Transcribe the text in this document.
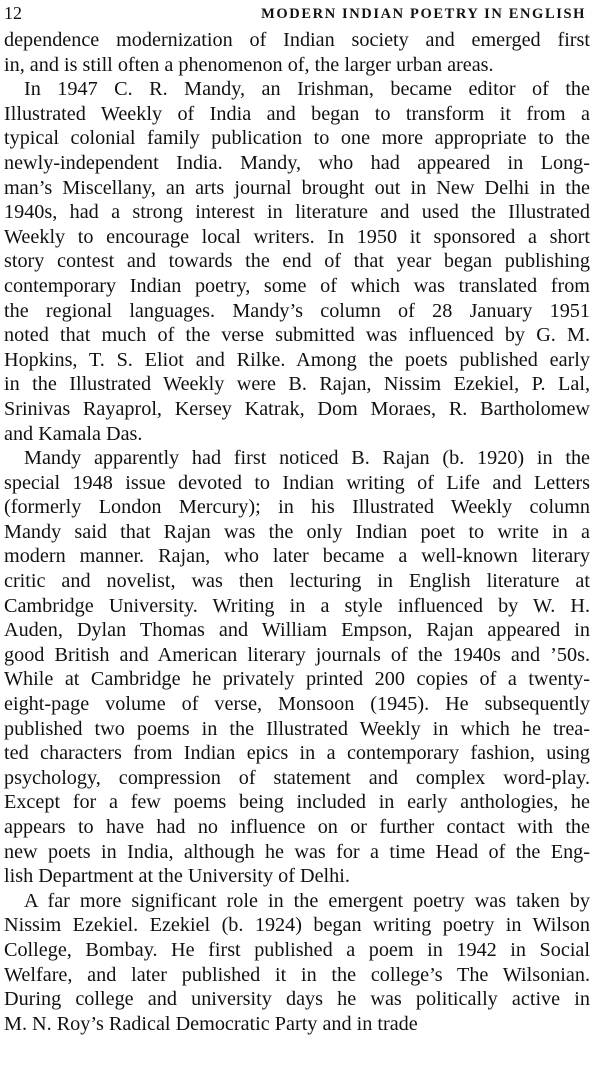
12	MODERN INDIAN POETRY IN ENGLISH
dependence modernization of Indian society and emerged first
in, and is still often a phenomenon of, the larger urban areas.
In 1947 C. R. Mandy, an Irishman, became editor of the
Illustrated Weekly of India and began to transform it from a
typical colonial family publication to one more appropriate to the
newly-independent India. Mandy, who had appeared in Long-
man’s Miscellany, an arts journal brought out in New Delhi in the
1940s, had a strong interest in literature and used the Illustrated
Weekly to encourage local writers. In 1950 it sponsored a short
story contest and towards the end of that year began publishing
contemporary Indian poetry, some of which was translated from
the regional languages. Mandy’s column of 28 January 1951
noted that much of the verse submitted was influenced by G. M.
Hopkins, T. S. Eliot and Rilke. Among the poets published early
in the Illustrated Weekly were B. Rajan, Nissim Ezekiel, P. Lal,
Srinivas Rayaprol, Kersey Katrak, Dom Moraes, R. Bartholomew
and Kamala Das.
Mandy apparently had first noticed B. Rajan (b. 1920) in the
special 1948 issue devoted to Indian writing of Life and Letters
(formerly London Mercury); in his Illustrated Weekly column
Mandy said that Rajan was the only Indian poet to write in a
modern manner. Rajan, who later became a well-known literary
critic and novelist, was then lecturing in English literature at
Cambridge University. Writing in a style influenced by W. H.
Auden, Dylan Thomas and William Empson, Rajan appeared in
good British and American literary journals of the 1940s and ’50s.
While at Cambridge he privately printed 200 copies of a twenty-
eight-page volume of verse, Monsoon (1945). He subsequently
published two poems in the Illustrated Weekly in which he trea-
ted characters from Indian epics in a contemporary fashion, using
psychology, compression of statement and complex word-play.
Except for a few poems being included in early anthologies, he
appears to have had no influence on or further contact with the
new poets in India, although he was for a time Head of the Eng-
lish Department at the University of Delhi.
A far more significant role in the emergent poetry was taken by
Nissim Ezekiel. Ezekiel (b. 1924) began writing poetry in Wilson
College, Bombay. He first published a poem in 1942 in Social
Welfare, and later published it in the college’s The Wilsonian.
During college and university days he was politically active in
M. N. Roy’s Radical Democratic Party and in trade
